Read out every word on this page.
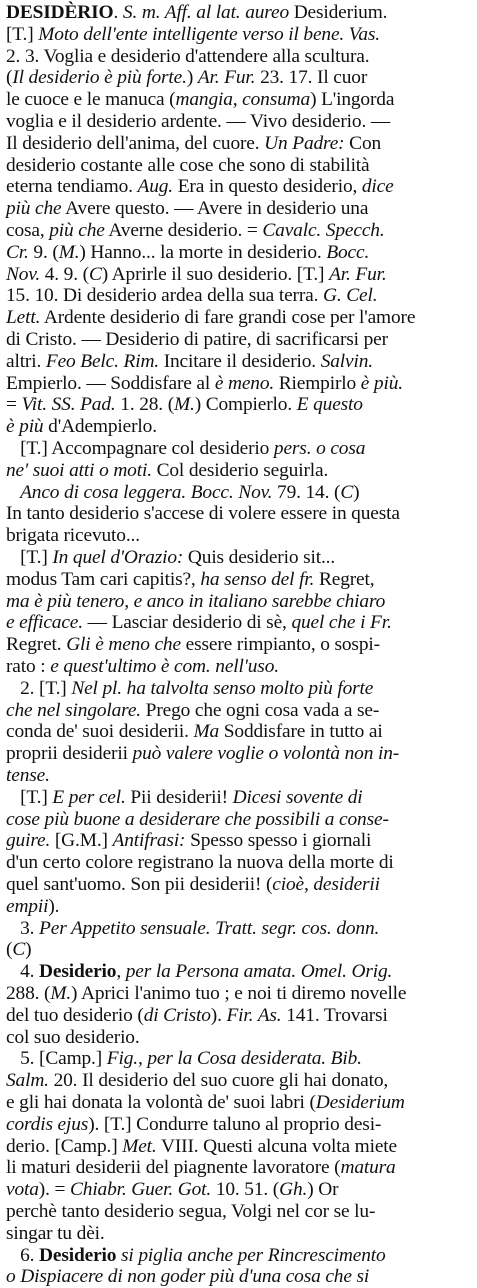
DESIDÈRIO. S. m. Aff. al lat. aureo Desiderium.
[T.] Moto dell'ente intelligente verso il bene. Vas.
2. 3. Voglia e desiderio d'attendere alla scultura.
(Il desiderio è più forte.) Ar. Fur. 23. 17. Il cuor
le cuoce e le manuca (mangia, consuma) L'ingorda
voglia e il desiderio ardente. — Vivo desiderio. —
Il desiderio dell'anima, del cuore. Un Padre: Con
desiderio costante alle cose che sono di stabilità
eterna tendiamo. Aug. Era in questo desiderio, dice
più che Avere questo. — Avere in desiderio una
cosa, più che Averne desiderio. = Cavalc. Specch.
Cr. 9. (M.) Hanno... la morte in desiderio. Bocc.
Nov. 4. 9. (C) Aprirle il suo desiderio. [T.] Ar. Fur.
15. 10. Di desiderio ardea della sua terra. G. Cel.
Lett. Ardente desiderio di fare grandi cose per l'amore
di Cristo. — Desiderio di patire, di sacrificarsi per
altri. Feo Belc. Rim. Incitare il desiderio. Salvin.
Empierlo. — Soddisfare al è meno. Riempirlo è più.
= Vit. SS. Pad. 1. 28. (M.) Compierlo. E questo
è più d'Adempierlo.
[T.] Accompagnare col desiderio pers. o cosa
ne' suoi atti o moti. Col desiderio seguirla.
Anco di cosa leggera. Bocc. Nov. 79. 14. (C)
In tanto desiderio s'accese di volere essere in questa
brigata ricevuto...
[T.] In quel d'Orazio: Quis desiderio sit...
modus Tam cari capitis?, ha senso del fr. Regret,
ma è più tenero, e anco in italiano sarebbe chiaro
e efficace. — Lasciar desiderio di sè, quel che i Fr.
Regret. Gli è meno che essere rimpianto, o sospi-
rato : e quest'ultimo è com. nell'uso.
2. [T.] Nel pl. ha talvolta senso molto più forte
che nel singolare. Prego che ogni cosa vada a se-
conda de' suoi desiderii. Ma Soddisfare in tutto ai
proprii desiderii può valere voglie o volontà non in-
tense.
[T.] E per cel. Pii desiderii! Dicesi sovente di
cose più buone a desiderare che possibili a conse-
guire. [G.M.] Antifrasi: Spesso spesso i giornali
d'un certo colore registrano la nuova della morte di
quel sant'uomo. Son pii desiderii! (cioè, desiderii
empii).
3. Per Appetito sensuale. Tratt. segr. cos. donn.
(C)
4. Desiderio, per la Persona amata. Omel. Orig.
288. (M.) Aprici l'animo tuo ; e noi ti diremo novelle
del tuo desiderio (di Cristo). Fir. As. 141. Trovarsi
col suo desiderio.
5. [Camp.] Fig., per la Cosa desiderata. Bib.
Salm. 20. Il desiderio del suo cuore gli hai donato,
e gli hai donata la volontà de' suoi labri (Desiderium
cordis ejus). [T.] Condurre taluno al proprio desi-
derio. [Camp.] Met. VIII. Questi alcuna volta miete
li maturi desiderii del piagnente lavoratore (matura
vota). = Chiabr. Guer. Got. 10. 51. (Gh.) Or
perchè tanto desiderio segua, Volgi nel cor se lu-
singar tu dèi.
6. Desiderio si piglia anche per Rincrescimento
o Dispiacere di non goder più d'una cosa che si
